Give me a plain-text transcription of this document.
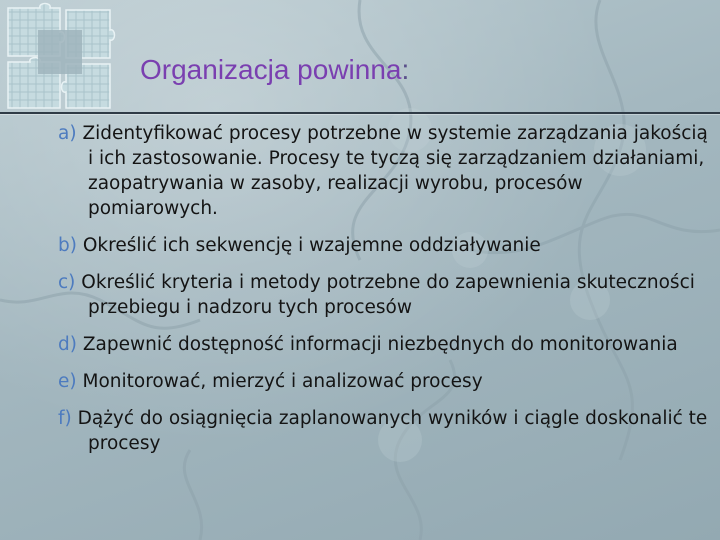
Organizacja powinna:
a) Zidentyfikować procesy potrzebne w systemie zarządzania jakością i ich zastosowanie. Procesy te tyczą się zarządzaniem działaniami, zaopatrywania w zasoby, realizacji wyrobu, procesów pomiarowych.
b) Określić ich sekwencję i wzajemne oddziaływanie
c) Określić kryteria i metody potrzebne do zapewnienia skuteczności przebiegu i nadzoru tych procesów
d) Zapewnić dostępność informacji niezbędnych do monitorowania
e) Monitorować, mierzyć i analizować procesy
f) Dążyć do osiągnięcia zaplanowanych wyników i ciągle doskonalić te procesy
